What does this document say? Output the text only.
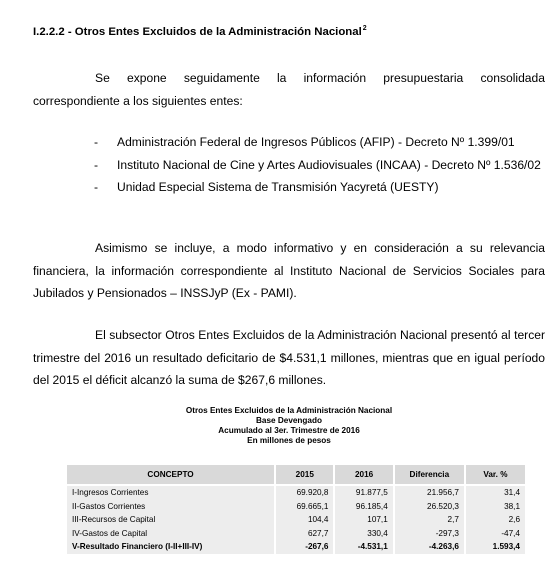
I.2.2.2 - Otros Entes Excluidos de la Administración Nacional$^2$

Se expone seguidamente la información presupuestaria consolidada correspondiente a los siguientes entes:

- Administración Federal de Ingresos Públicos (AFIP) - Decreto Nº 1.399/01
- Instituto Nacional de Cine y Artes Audiovisuales (INCAA) - Decreto Nº 1.536/02
- Unidad Especial Sistema de Transmisión Yacyretá (UESTY)

Asimismo se incluye, a modo informativo y en consideración a su relevancia financiera, la información correspondiente al Instituto Nacional de Servicios Sociales para Jubilados y Pensionados – INSSJyP (Ex - PAMI).

El subsector Otros Entes Excluidos de la Administración Nacional presentó al tercer trimestre del 2016 un resultado deficitario de $4.531,1 millones, mientras que en igual período del 2015 el déficit alcanzó la suma de $267,6 millones.

Otros Entes Excluidos de la Administración Nacional
Base Devengado
Acumulado al 3er. Trimestre de 2016
En millones de pesos
CONCEPTO	2015	2016	Diferencia	Var. %
I-Ingresos Corrientes	69.920,8	91.877,5	21.956,7	31,4
II-Gastos Corrientes	69.665,1	96.185,4	26.520,3	38,1
III-Recursos de Capital	104,4	107,1	2,7	2,6
IV-Gastos de Capital	627,7	330,4	-297,3	-47,4
V-Resultado Financiero (I-II+III-IV)	-267,6	-4.531,1	-4.263,6	1.593,4
